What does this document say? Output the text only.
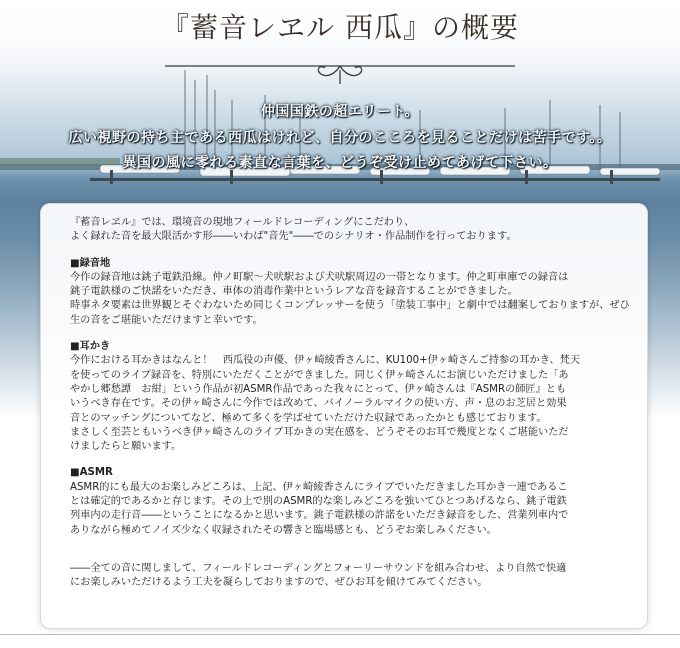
『蓄音レヱル 西瓜』の概要
仲国国鉄の超エリート。
広い視野の持ち主である西瓜はけれど、自分のこころを見ることだけは苦手です。。
異国の風に零れる素直な言葉を、どうぞ受け止めてあげて下さい。

『蓄音レヱル』では、環境音の現地フィールドレコーディングにこだわり、

よく録れた音を最大限活かす形――いわば"音先"――でのシナリオ・作品制作を行っております。

■録音地

今作の録音地は銚子電鉄沿線。仲ノ町駅〜犬吠駅および犬吠駅周辺の一帯となります。仲之町車庫での録音は

銚子電鉄様のご快諾をいただき、車体の消毒作業中というレアな音を録音することができました。

時事ネタ要素は世界観とそぐわないため同じくコンプレッサーを使う「塗装工事中」と劇中では翻案しておりますが、ぜひ生の音をご堪能いただけますと幸いです。

■耳かき

今作における耳かきはなんと！　西瓜役の声優、伊ヶ崎綾香さんに、KU100+伊ヶ崎さんご持参の耳かき、梵天

を使ってのライブ録音を、特別にいただくことができました。同じく伊ヶ崎さんにお演じいただけました「あ

やかし郷愁譚　お紺」という作品が初ASMR作品であった我々にとって、伊ヶ崎さんは『ASMRの師匠』とも

いうべき存在です。その伊ヶ崎さんに今作では改めて、バイノーラルマイクの使い方、声・息のお芝居と効果

音とのマッチングについてなど、極めて多くを学ばせていただけた収録であったかとも感じております。

まさしく至芸ともいうべき伊ヶ崎さんのライブ耳かきの実在感を、どうぞそのお耳で幾度となくご堪能いただ

けましたらと願います。

■ASMR

ASMR的にも最大のお楽しみどころは、上記、伊ヶ崎綾香さんにライブでいただきました耳かき一連であるこ

とは確定的であるかと存じます。その上で別のASMR的な楽しみどころを強いてひとつあげるなら、銚子電鉄

列車内の走行音――ということになるかと思います。銚子電鉄様の許諾をいただき録音をした、営業列車内で

ありながら極めてノイズ少なく収録されたその響きと臨場感とも、どうぞお楽しみください。

――全ての音に関しまして、フィールドレコーディングとフォーリーサウンドを組み合わせ、より自然で快適

にお楽しみいただけるよう工夫を凝らしておりますので、ぜひお耳を傾けてみてください。
